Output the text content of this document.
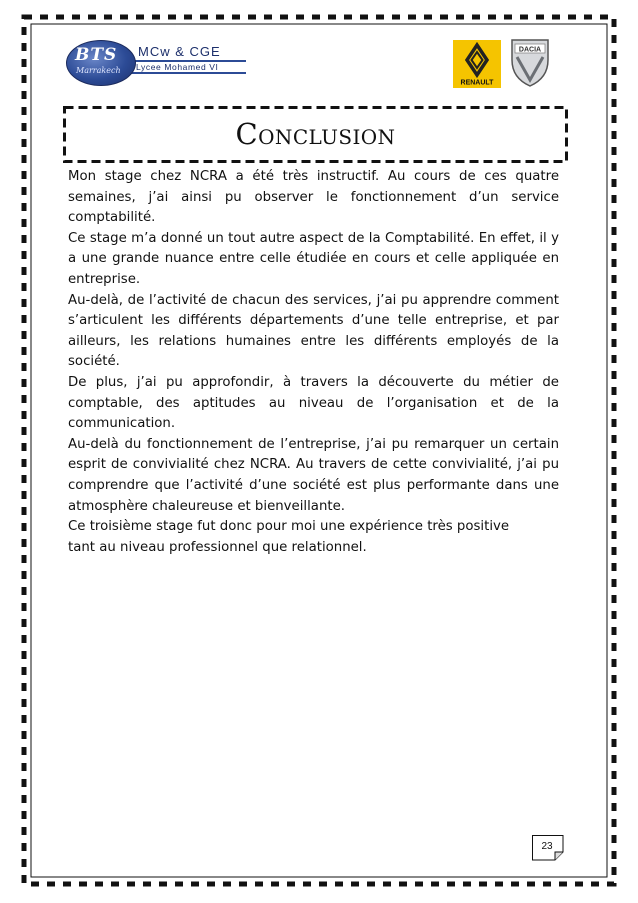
BTS
Marrakech
MCw & CGE
Lycee Mohamed VI
RENAULT
DACIA
Conclusion

Mon stage chez NCRA a été très instructif. Au cours de ces quatre semaines, j’ai ainsi pu observer le fonctionnement d’un service comptabilité.

Ce stage m’a donné un tout autre aspect de la Comptabilité. En effet, il y a une grande nuance entre celle étudiée en cours et celle appliquée en entreprise.

Au-delà, de l’activité de chacun des services, j’ai pu apprendre comment s’articulent les différents départements d’une telle entreprise, et par ailleurs, les relations humaines entre les différents employés de la société.

De plus, j’ai pu approfondir, à travers la découverte du métier de comptable, des aptitudes au niveau de l’organisation et de la communication.

Au-delà du fonctionnement de l’entreprise, j’ai pu remarquer un certain esprit de convivialité chez NCRA. Au travers de cette convivialité, j’ai pu comprendre que l’activité d’une société est plus performante dans une atmosphère chaleureuse et bienveillante.

Ce troisième stage fut donc pour moi une expérience très positive

tant au niveau professionnel que relationnel.

23
